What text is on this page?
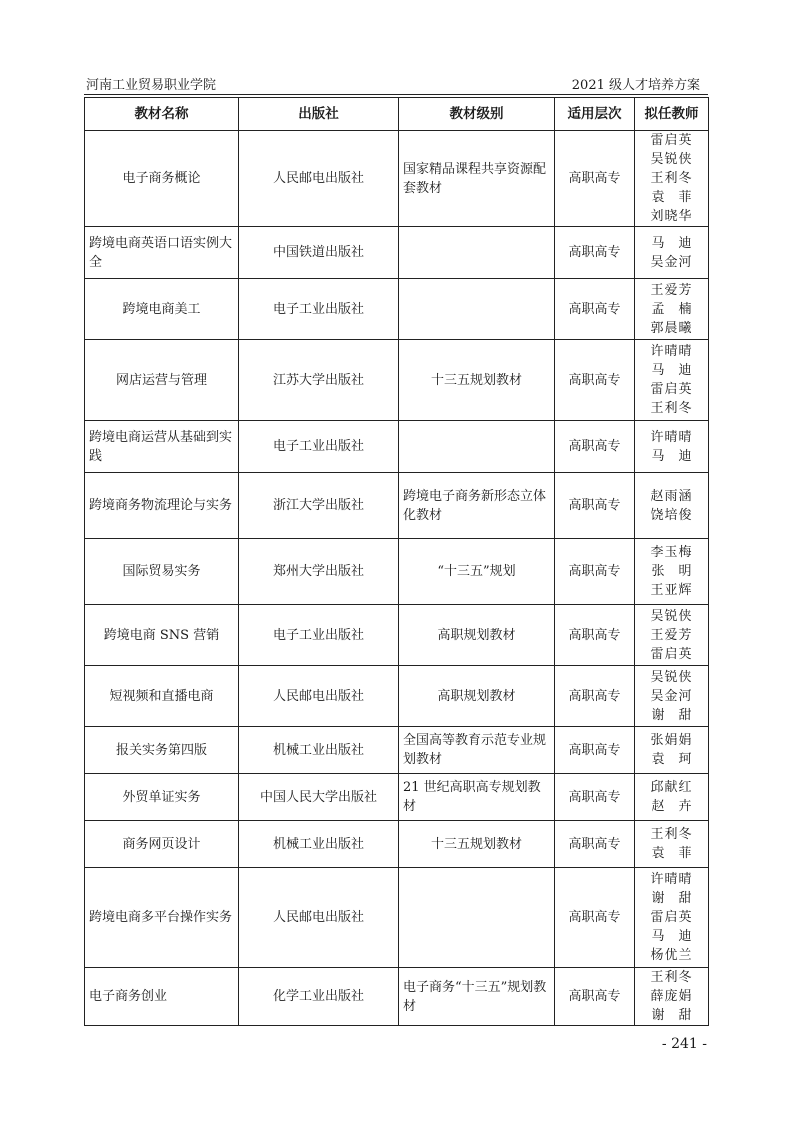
河南工业贸易职业学院	2021 级人才培养方案
教材名称	出版社	教材级别	适用层次	拟任教师
电子商务概论	人民邮电出版社	国家精品课程共享资源配套教材	高职高专	雷启英
吴锐侠
王利冬
袁菲
刘晓华

跨境电商英语口语实例大全	中国铁道出版社		高职高专	马迪
吴金河

跨境电商美工	电子工业出版社		高职高专	王爱芳
孟楠
郭晨曦

网店运营与管理	江苏大学出版社	十三五规划教材	高职高专	许晴晴
马迪
雷启英
王利冬

跨境电商运营从基础到实践	电子工业出版社		高职高专	许晴晴
马迪

跨境商务物流理论与实务	浙江大学出版社	跨境电子商务新形态立体化教材	高职高专	赵雨涵
饶培俊

国际贸易实务	郑州大学出版社	“十三五”规划	高职高专	李玉梅
张明
王亚辉

跨境电商 SNS 营销	电子工业出版社	高职规划教材	高职高专	吴锐侠
王爱芳
雷启英

短视频和直播电商	人民邮电出版社	高职规划教材	高职高专	吴锐侠
吴金河
谢甜

报关实务第四版	机械工业出版社	全国高等教育示范专业规划教材	高职高专	张娟娟
袁珂

外贸单证实务	中国人民大学出版社	21 世纪高职高专规划教材	高职高专	邱献红
赵卉

商务网页设计	机械工业出版社	十三五规划教材	高职高专	王利冬
袁菲

跨境电商多平台操作实务	人民邮电出版社		高职高专	许晴晴
谢甜
雷启英
马迪
杨优兰

电子商务创业	化学工业出版社	电子商务“十三五”规划教材	高职高专	王利冬
薛庞娟
谢甜
- 241 -
